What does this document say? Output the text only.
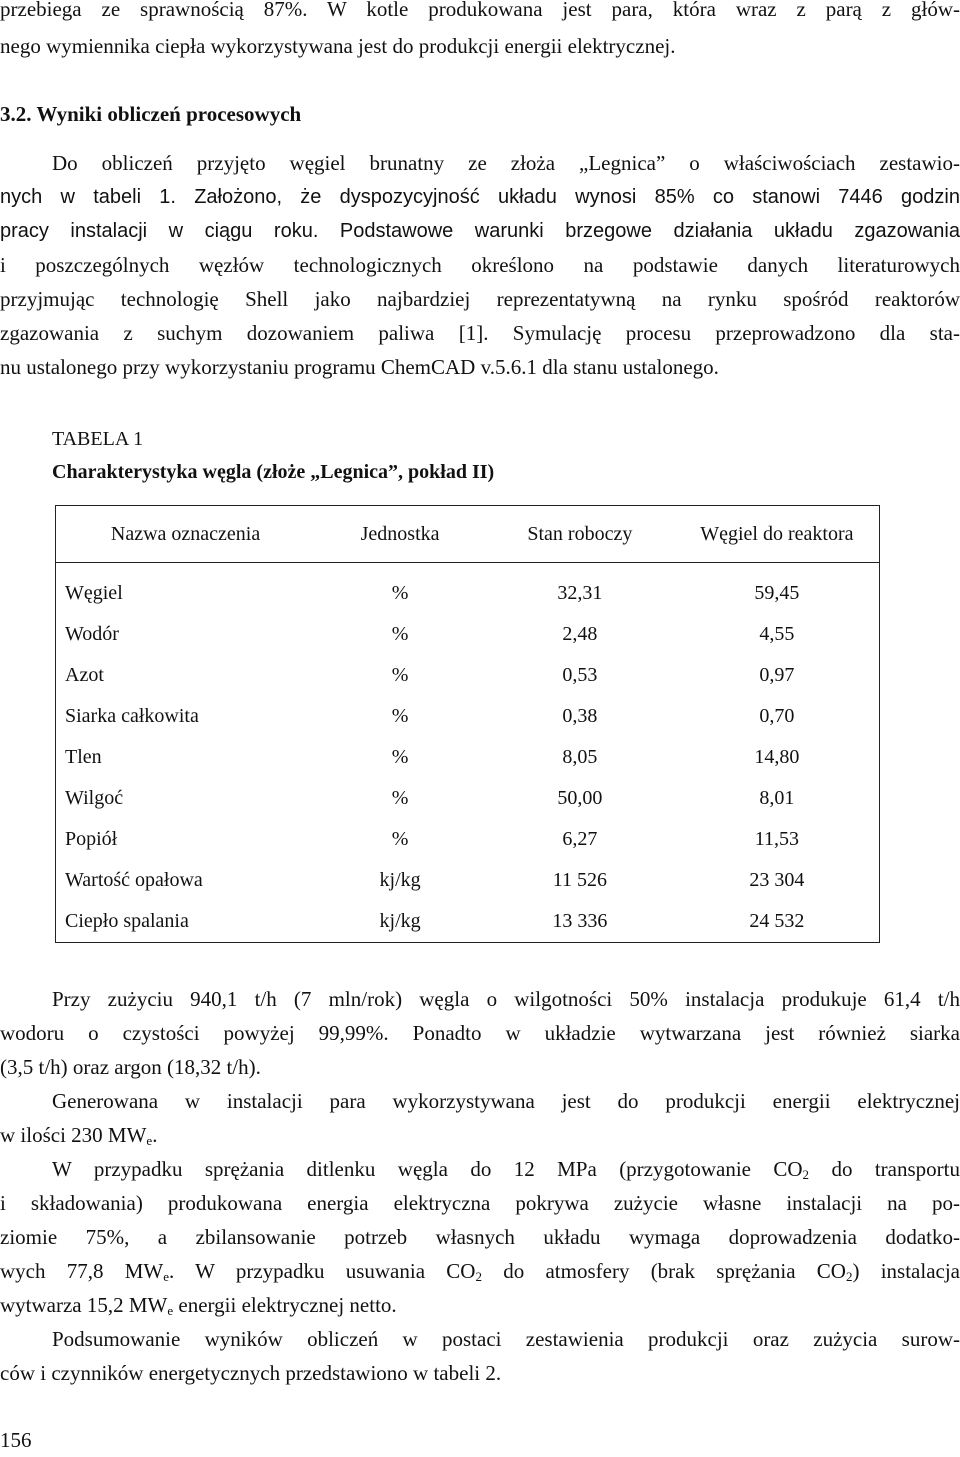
przebiega ze sprawnością 87%. W kotle produkowana jest para, która wraz z parą z głów-
nego wymiennika ciepła wykorzystywana jest do produkcji energii elektrycznej.
3.2. Wyniki obliczeń procesowych
Do obliczeń przyjęto węgiel brunatny ze złoża „Legnica” o właściwościach zestawio-
nych w tabeli 1. Założono, że dyspozycyjność układu wynosi 85% co stanowi 7446 godzin
pracy instalacji w ciągu roku. Podstawowe warunki brzegowe działania układu zgazowania
i poszczególnych węzłów technologicznych określono na podstawie danych literaturowych
przyjmując technologię Shell jako najbardziej reprezentatywną na rynku spośród reaktorów
zgazowania z suchym dozowaniem paliwa [1]. Symulację procesu przeprowadzono dla sta-
nu ustalonego przy wykorzystaniu programu ChemCAD v.5.6.1 dla stanu ustalonego.
TABELA 1
Charakterystyka węgla (złoże „Legnica”, pokład II)
Nazwa oznaczenia	Jednostka	Stan roboczy	Węgiel do reaktora
Węgiel	%	32,31	59,45
Wodór	%	2,48	4,55
Azot	%	0,53	0,97
Siarka całkowita	%	0,38	0,70
Tlen	%	8,05	14,80
Wilgoć	%	50,00	8,01
Popiół	%	6,27	11,53
Wartość opałowa	kj/kg	11 526	23 304
Ciepło spalania	kj/kg	13 336	24 532
Przy zużyciu 940,1 t/h (7 mln/rok) węgla o wilgotności 50% instalacja produkuje 61,4 t/h
wodoru o czystości powyżej 99,99%. Ponadto w układzie wytwarzana jest również siarka
(3,5 t/h) oraz argon (18,32 t/h).
Generowana w instalacji para wykorzystywana jest do produkcji energii elektrycznej
w ilości 230 $MW_e$.
W przypadku sprężania ditlenku węgla do 12 MPa (przygotowanie $CO_2$ do transportu
i składowania) produkowana energia elektryczna pokrywa zużycie własne instalacji na po-
ziomie 75%, a zbilansowanie potrzeb własnych układu wymaga doprowadzenia dodatko-
wych 77,8 $MW_e$. W przypadku usuwania $CO_2$ do atmosfery (brak sprężania $CO_2$) instalacja
wytwarza 15,2 $MW_e$ energii elektrycznej netto.
Podsumowanie wyników obliczeń w postaci zestawienia produkcji oraz zużycia surow-
ców i czynników energetycznych przedstawiono w tabeli 2.
156
